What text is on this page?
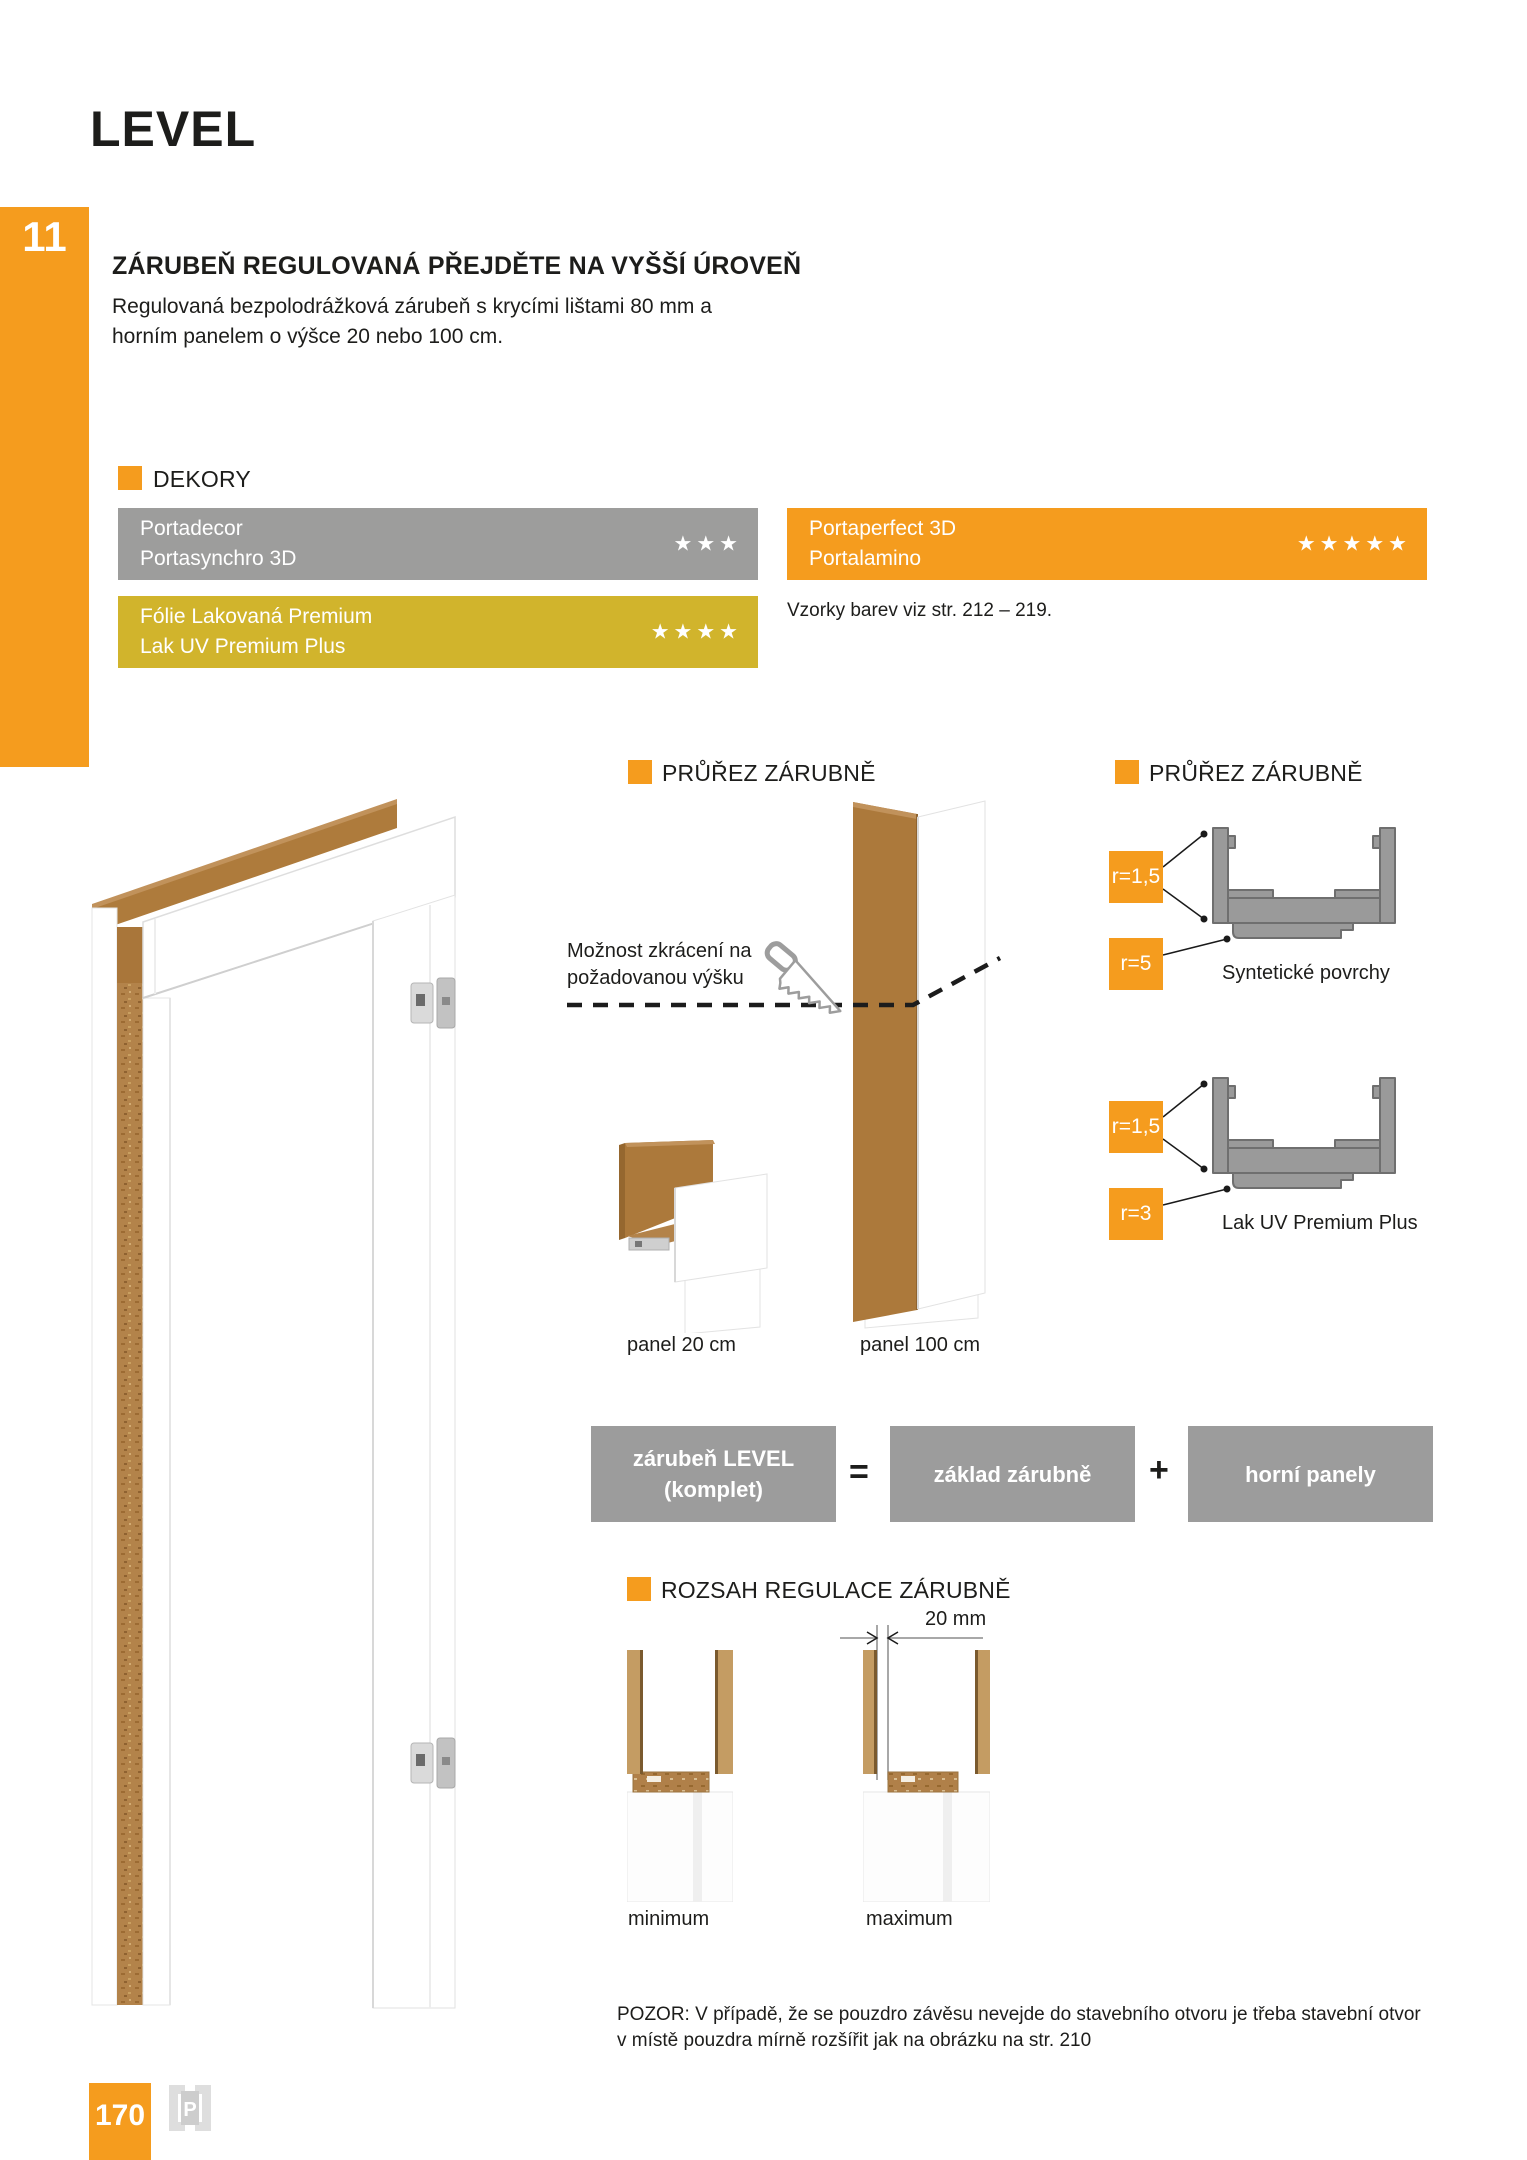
LEVEL
11
ZÁRUBEŇ REGULOVANÁ PŘEJDĚTE NA VYŠŠÍ ÚROVEŇ
Regulovaná bezpolodrážková zárubeň s krycími lištami 80 mm a horním panelem o výšce 20 nebo 100 cm.
DEKORY
Portadecor
Portasynchro 3D
★★★
Portaperfect 3D
Portalamino
★★★★★
Fólie Lakovaná Premium
Lak UV Premium Plus
★★★★
Vzorky barev viz str. 212 – 219.
PRŮŘEZ ZÁRUBNĚ	PRŮŘEZ ZÁRUBNĚ
Možnost zkrácení na
požadovanou výšku
panel 20 cm	panel 100 cm
r=1,5
r=5	Syntetické povrchy
r=1,5
r=3	Lak UV Premium Plus
zárubeň LEVEL
(komplet)	=	základ zárubně +	horní panely
ROZSAH REGULACE ZÁRUBNĚ
20 mm
minimum	maximum
POZOR: V případě, že se pouzdro závěsu nevejde do stavebního otvoru je třeba stavební otvor v místě pouzdra mírně rozšířit jak na obrázku na str. 210
170 P
